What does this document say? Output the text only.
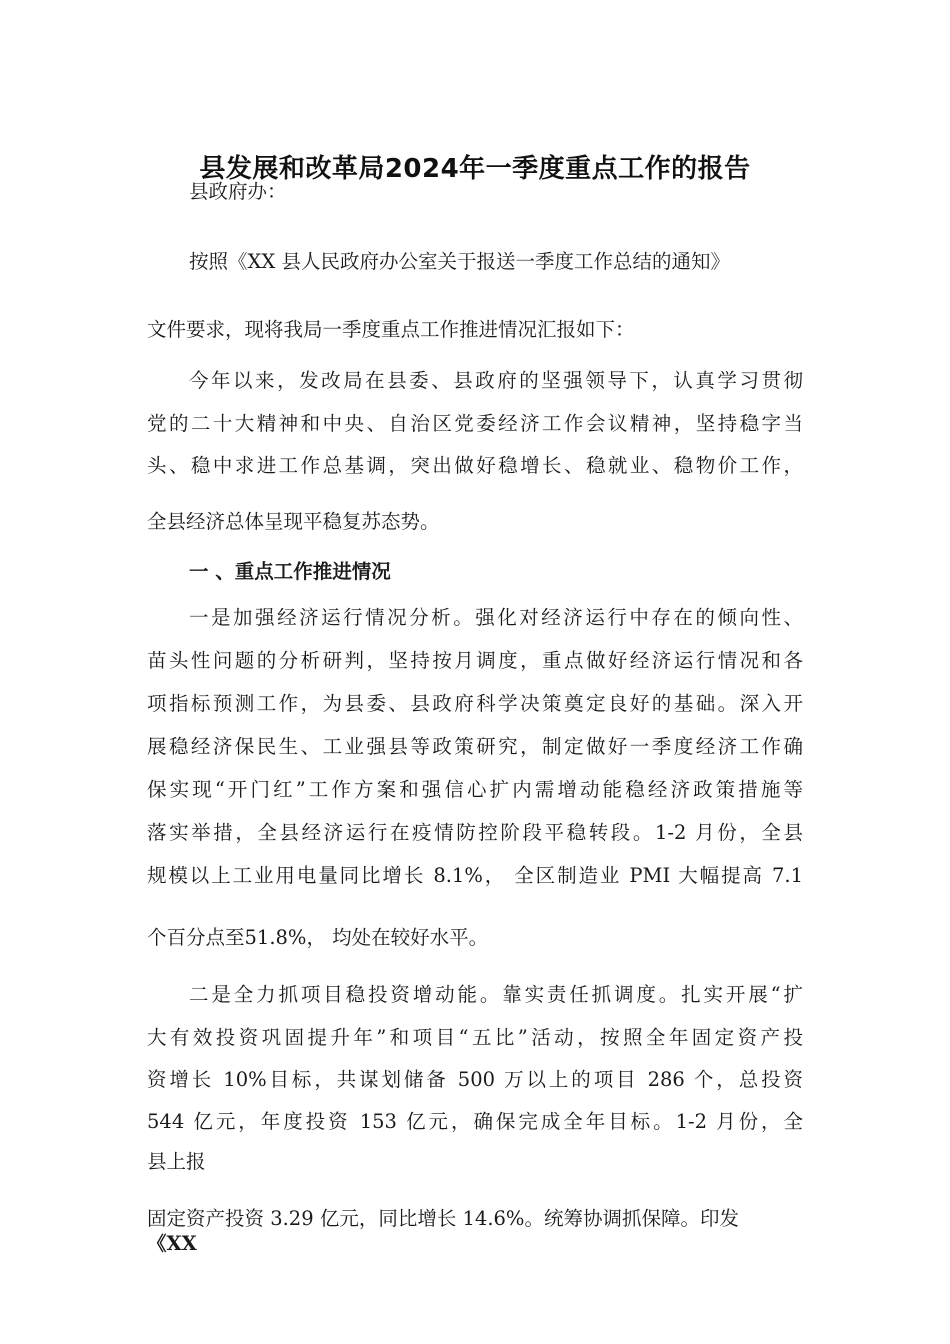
县发展和改革局2024年一季度重点工作的报告
县政府办：
按照《XX 县人民政府办公室关于报送一季度工作总结的通知》
文件要求，现将我局一季度重点工作推进情况汇报如下：
今年以来，发改局在县委、县政府的坚强领导下，认真学习贯彻
党的二十大精神和中央、自治区党委经济工作会议精神，坚持稳字当
头、稳中求进工作总基调，突出做好稳增长、稳就业、稳物价工作，
全县经济总体呈现平稳复苏态势。
一 、重点工作推进情况
一是加强经济运行情况分析。强化对经济运行中存在的倾向性、
苗头性问题的分析研判，坚持按月调度，重点做好经济运行情况和各
项指标预测工作，为县委、县政府科学决策奠定良好的基础。深入开
展稳经济保民生、工业强县等政策研究，制定做好一季度经济工作确
保实现“开门红”工作方案和强信心扩内需增动能稳经济政策措施等
落实举措，全县经济运行在疫情防控阶段平稳转段。1-2 月份，全县
规模以上工业用电量同比增长 8.1%， 全区制造业 PMI 大幅提高 7.1
个百分点至51.8%， 均处在较好水平。
二是全力抓项目稳投资增动能。靠实责任抓调度。扎实开展“扩
大有效投资巩固提升年”和项目“五比”活动，按照全年固定资产投
资增长 10%目标，共谋划储备 500 万以上的项目 286 个，总投资
544 亿元，年度投资 153 亿元，确保完成全年目标。1-2 月份，全
县上报
固定资产投资 3.29 亿元，同比增长 14.6%。统筹协调抓保障。印发
《XX
